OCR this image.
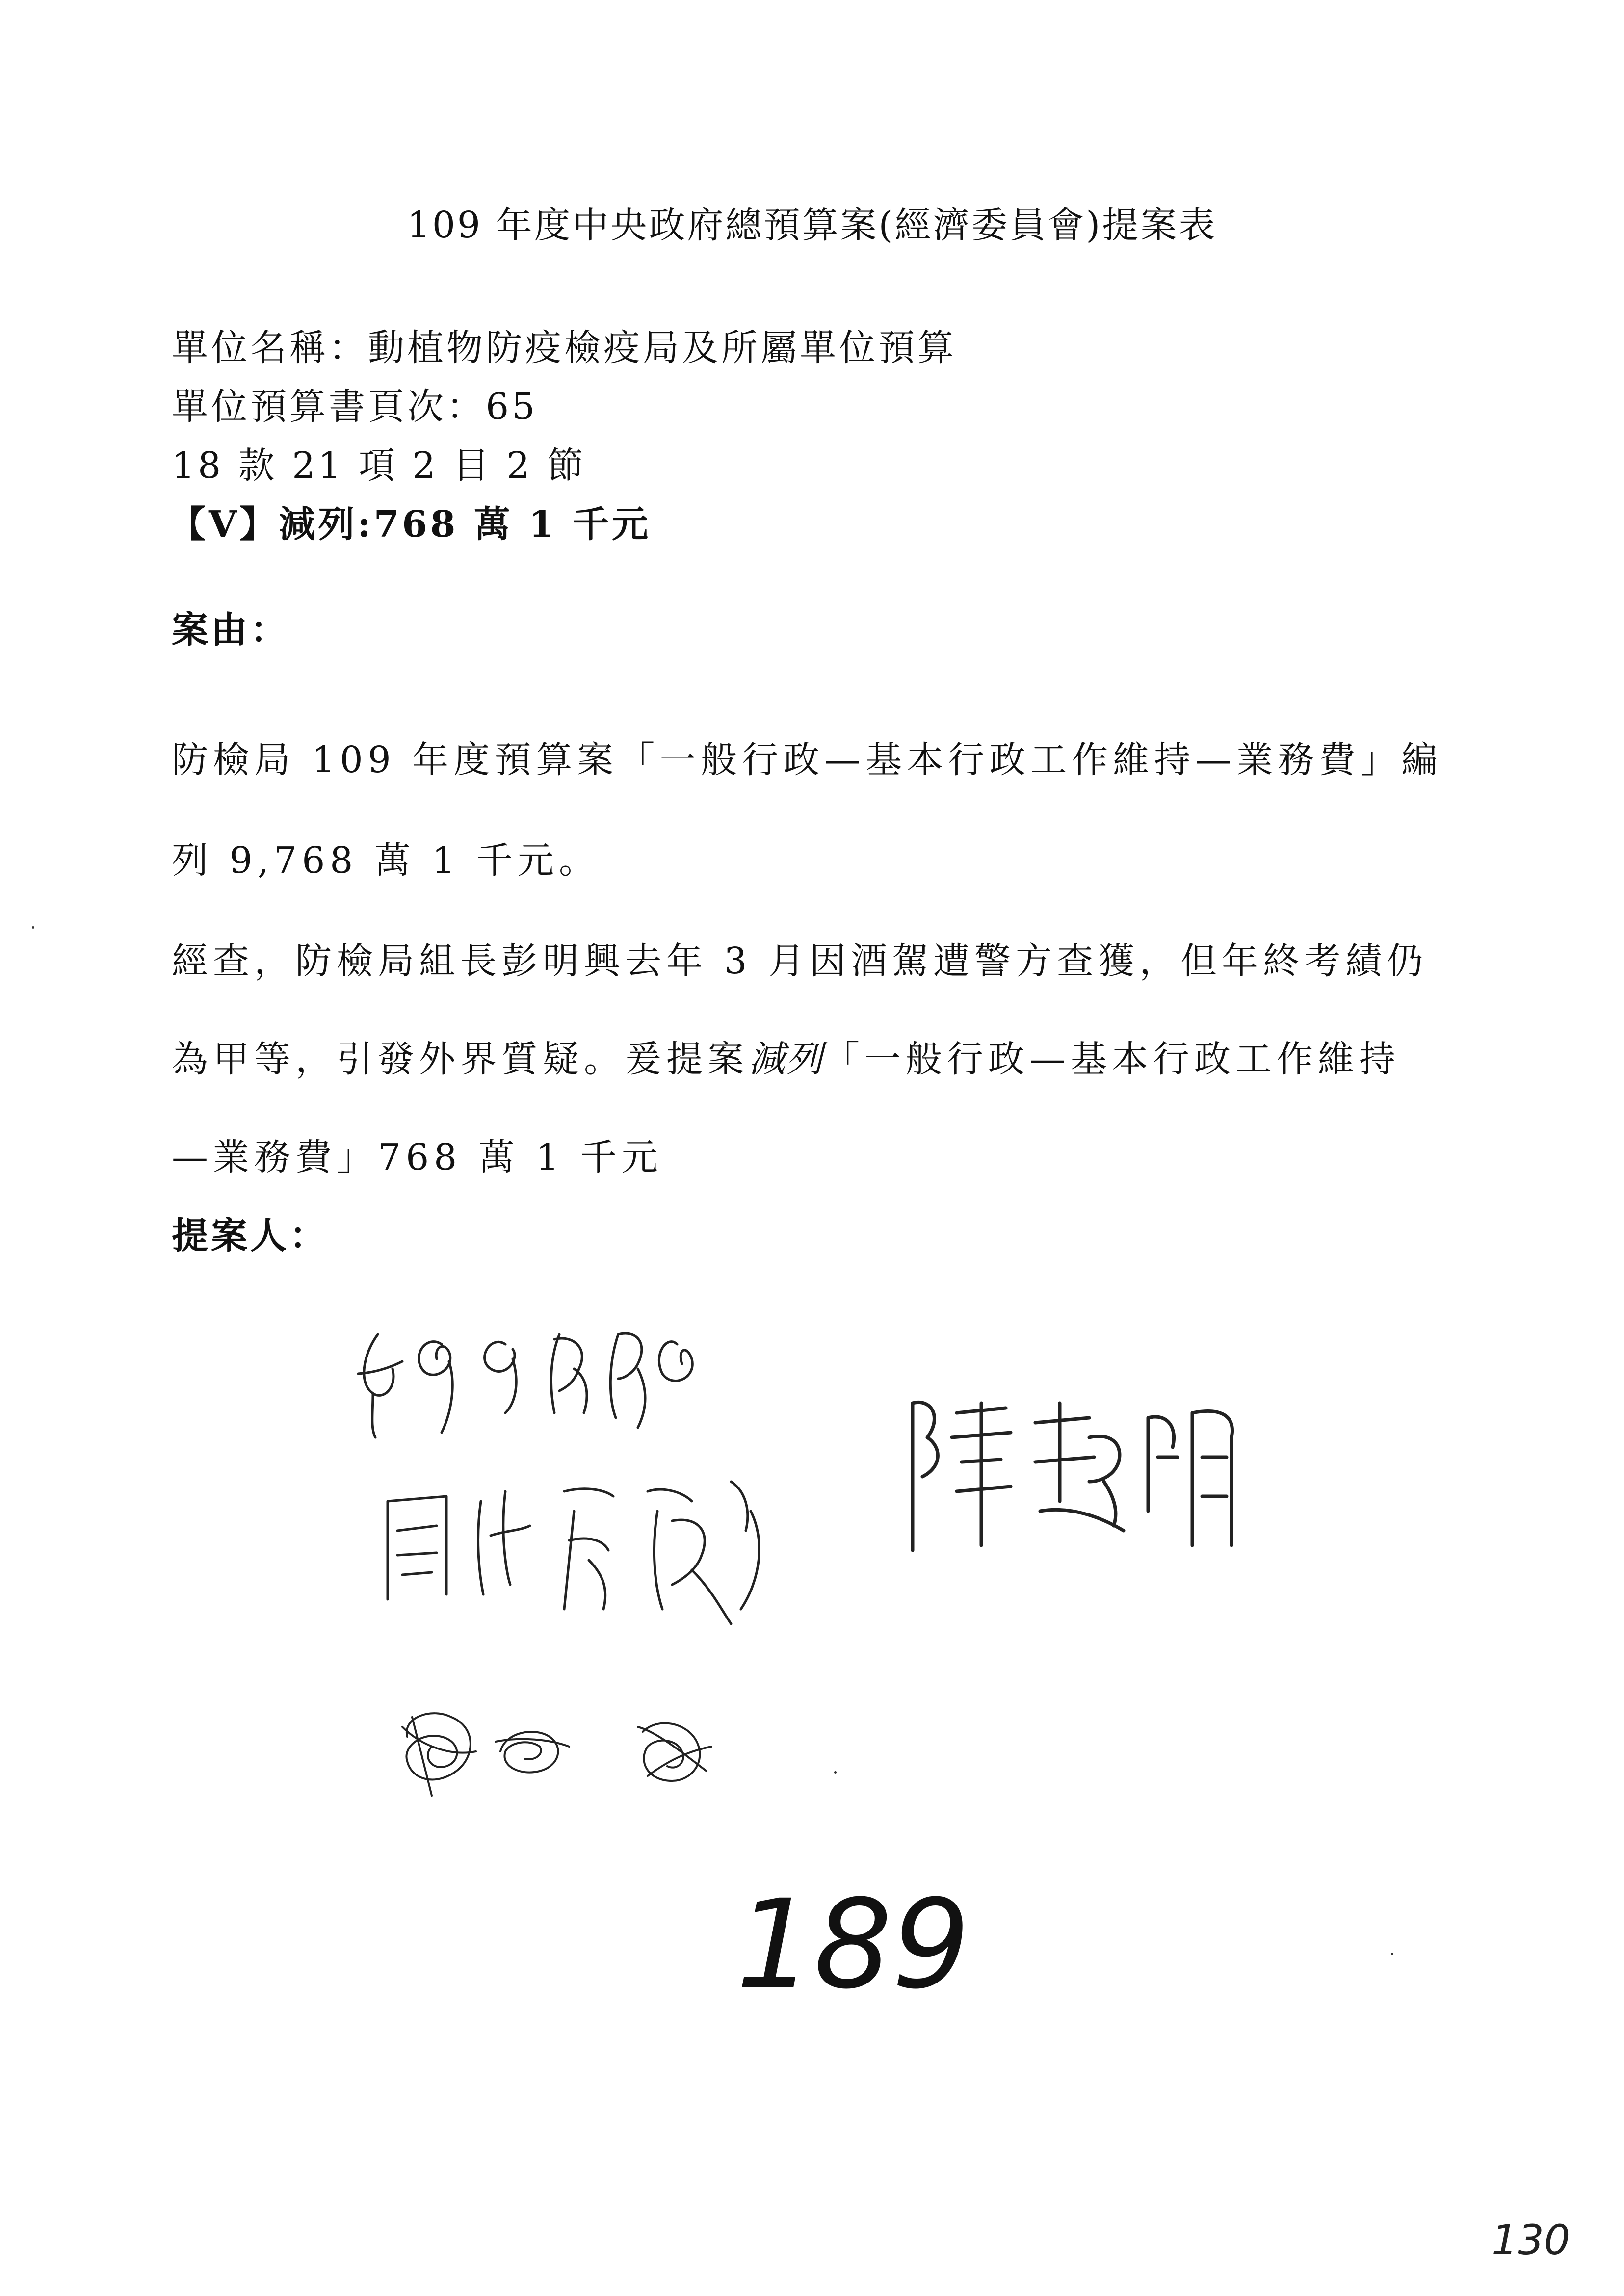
109 年度中央政府總預算案(經濟委員會)提案表
單位名稱：動植物防疫檢疫局及所屬單位預算
單位預算書頁次：65
18 款 21 項 2 目 2 節
【V】減列:768 萬 1 千元
案由：
防檢局 109 年度預算案「一般行政—基本行政工作維持—業務費」編
列 9,768 萬 1 千元。
經查，防檢局組長彭明興去年 3 月因酒駕遭警方查獲，但年終考績仍
為甲等，引發外界質疑。爰提案減列「一般行政—基本行政工作維持
—業務費」768 萬 1 千元
提案人：
189
130
